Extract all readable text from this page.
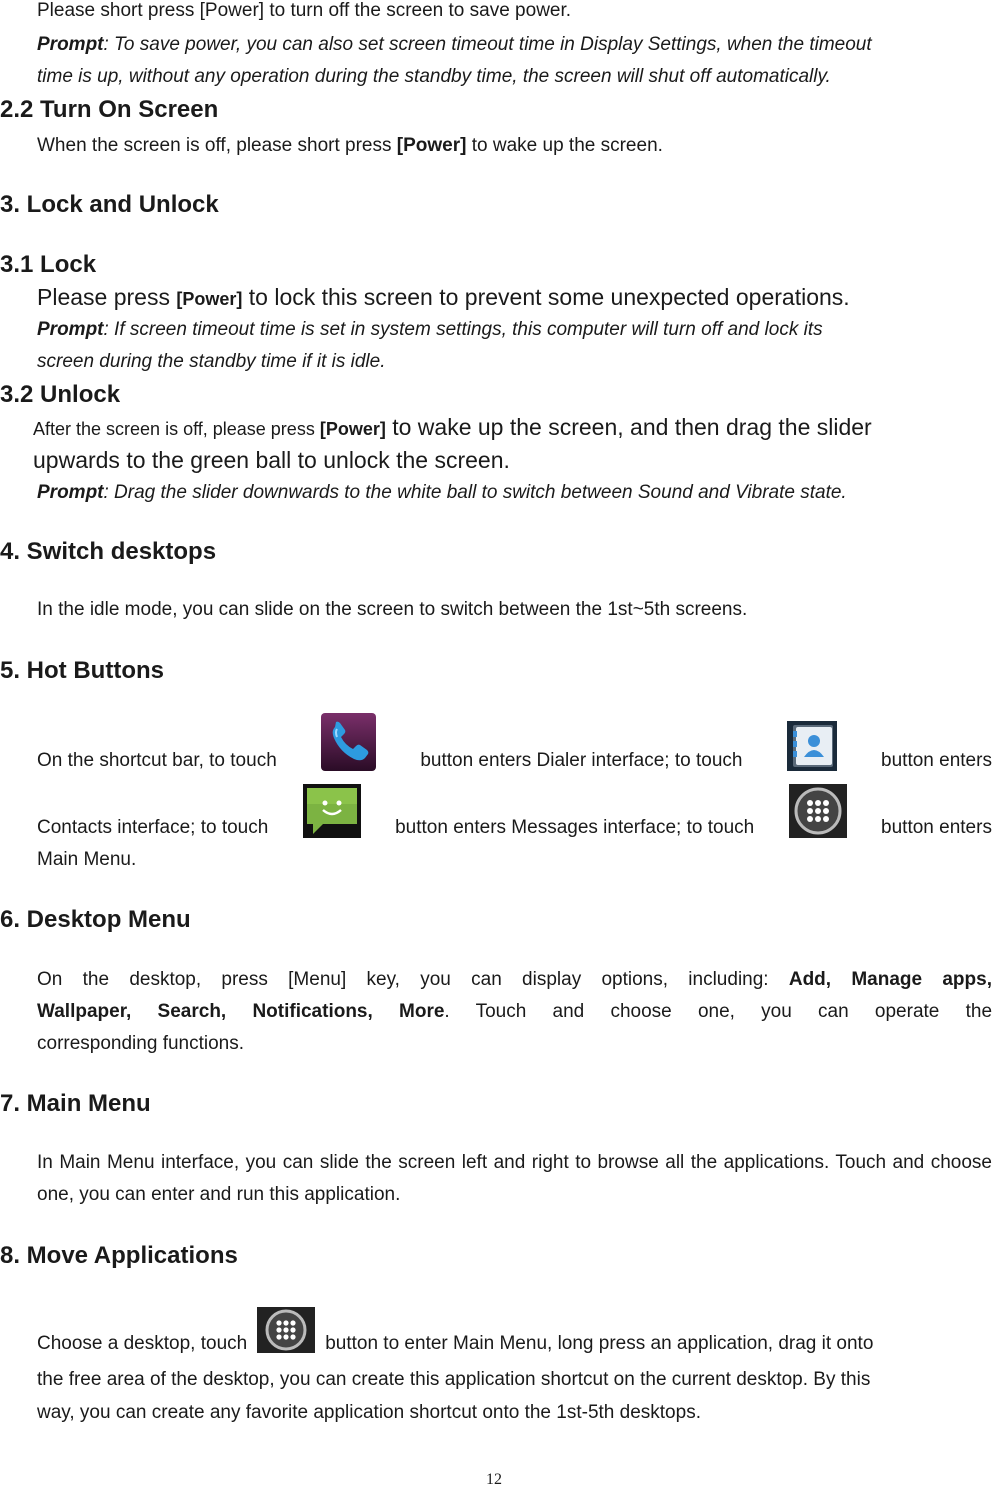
Please short press [Power] to turn off the screen to save power.
Prompt: To save power, you can also set screen timeout time in Display Settings, when the timeout
time is up, without any operation during the standby time, the screen will shut off automatically.
2.2 Turn On Screen
When the screen is off, please short press [Power] to wake up the screen.
3. Lock and Unlock
3.1 Lock
Please press [Power] to lock this screen to prevent some unexpected operations.
Prompt: If screen timeout time is set in system settings, this computer will turn off and lock its
screen during the standby time if it is idle.
3.2 Unlock
After the screen is off, please press [Power] to wake up the screen, and then drag the slider
upwards to the green ball to unlock the screen.
Prompt: Drag the slider downwards to the white ball to switch between Sound and Vibrate state.
4. Switch desktops
In the idle mode, you can slide on the screen to switch between the 1st~5th screens.
5. Hot Buttons
On the shortcut bar, to touch	button enters Dialer interface; to touch	button enters
Contacts interface; to touch	button enters Messages interface; to touch	button enters
Main Menu.
6. Desktop Menu
On the desktop, press [Menu] key, you can display options, including: Add, Manage apps,
Wallpaper, Search, Notifications, More. Touch and choose one, you can operate the
corresponding functions.
7. Main Menu
In Main Menu interface, you can slide the screen left and right to browse all the applications. Touch and choose one, you can enter and run this application.
8. Move Applications
Choose a desktop, touch	button to enter Main Menu, long press an application, drag it onto
the free area of the desktop, you can create this application shortcut on the current desktop. By this
way, you can create any favorite application shortcut onto the 1st-5th desktops.
12
